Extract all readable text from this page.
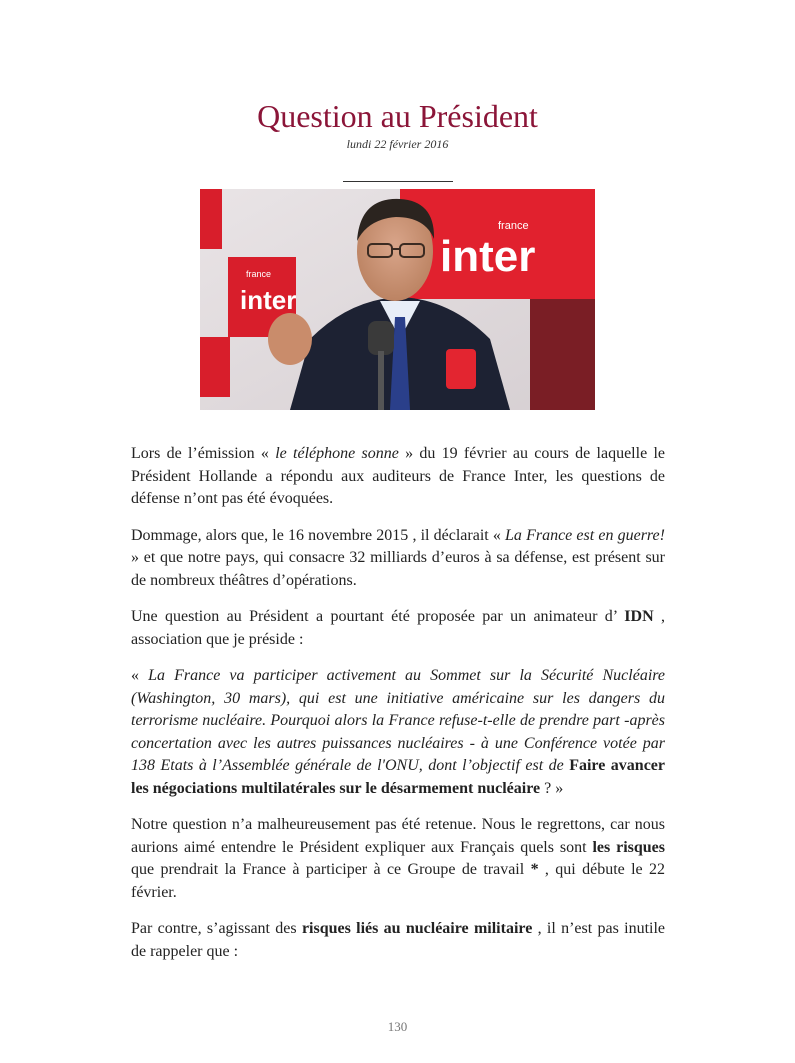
Question au Président
lundi 22 février 2016
france
inter
france
inter

Lors de l’émission « le téléphone sonne » du 19 février au cours de laquelle le Président Hollande a répondu aux auditeurs de France Inter, les questions de défense n’ont pas été évoquées.

Dommage, alors que, le 16 novembre 2015 , il déclarait « La France est en guerre! » et que notre pays, qui consacre 32 milliards d’euros à sa défense, est présent sur de nombreux théâtres d’opérations.

Une question au Président a pourtant été proposée par un animateur d’ IDN , association que je préside :

« La France va participer activement au Sommet sur la Sécurité Nucléaire (Washington, 30 mars), qui est une initiative américaine sur les dangers du terrorisme nucléaire. Pourquoi alors la France refuse-t-elle de prendre part -après concertation avec les autres puissances nucléaires - à une Conférence votée par 138 Etats à l’Assemblée générale de l'ONU, dont l’objectif est de Faire avancer les négociations multilatérales sur le désarmement nucléaire ? »

Notre question n’a malheureusement pas été retenue. Nous le regrettons, car nous aurions aimé entendre le Président expliquer aux Français quels sont les risques que prendrait la France à participer à ce Groupe de travail * , qui débute le 22 février.

Par contre, s’agissant des risques liés au nucléaire militaire , il n’est pas inutile de rappeler que :

130
